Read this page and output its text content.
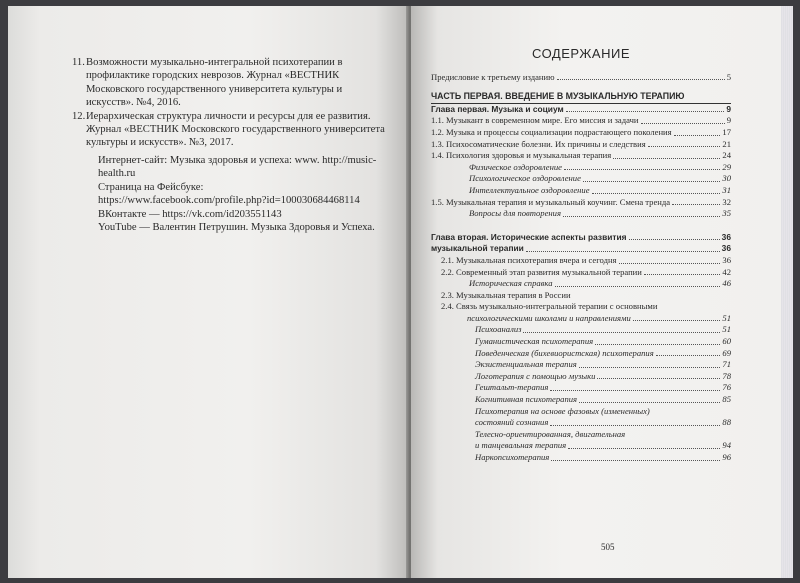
11. Возможности музыкально-интегральной психотерапии в профилактике городских неврозов. Журнал «ВЕСТНИК Московского государственного университета культуры и искусств». №4, 2016.
12. Иерархическая структура личности и ресурсы для ее развития. Журнал «ВЕСТНИК Московского государственного университета культуры и искусств». №3, 2017.
Интернет-сайт: Музыка здоровья и успеха: www. http://music-health.ru
Страница на Фейсбуке:
https://www.facebook.com/profile.php?id=100030684468114
ВКонтакте — https://vk.com/id203551143
YouTube — Валентин Петрушин. Музыка Здоровья и Успеха.
СОДЕРЖАНИЕ
Предисловие к третьему изданию	5
ЧАСТЬ ПЕРВАЯ. ВВЕДЕНИЕ В МУЗЫКАЛЬНУЮ ТЕРАПИЮ
Глава первая. Музыка и социум	9
1.1. Музыкант в современном мире. Его миссия и задачи	9
1.2. Музыка и процессы социализации подрастающего поколения	17
1.3. Психосоматические болезни. Их причины и следствия	21
1.4. Психология здоровья и музыкальная терапия	24
Физическое оздоровление	29
Психологическое оздоровление	30
Интеллектуальное оздоровление	31
1.5. Музыкальная терапия и музыкальный коучинг. Смена тренда	32
Вопросы для повторения	35
Глава вторая. Исторические аспекты развития	36
музыкальной терапии	36
2.1. Музыкальная психотерапия вчера и сегодня	36
2.2. Современный этап развития музыкальной терапии	42
Историческая справка	46
2.3. Музыкальная терапия в России
2.4. Связь музыкально-интегральной терапии с основными
психологическими школами и направлениями	51
Психоанализ	51
Гуманистическая психотерапия	60
Поведенческая (бихевиористская) психотерапия	69
Экзистенциальная терапия	71
Логотерапия с помощью музыки	78
Гештальт-терапия	76
Когнитивная психотерапия	85
Психотерапия на основе фазовых (измененных)
состояний сознания	88
Телесно-ориентированная, двигательная
и танцевальная терапия	94
Наркопсихотерапия	96
505
